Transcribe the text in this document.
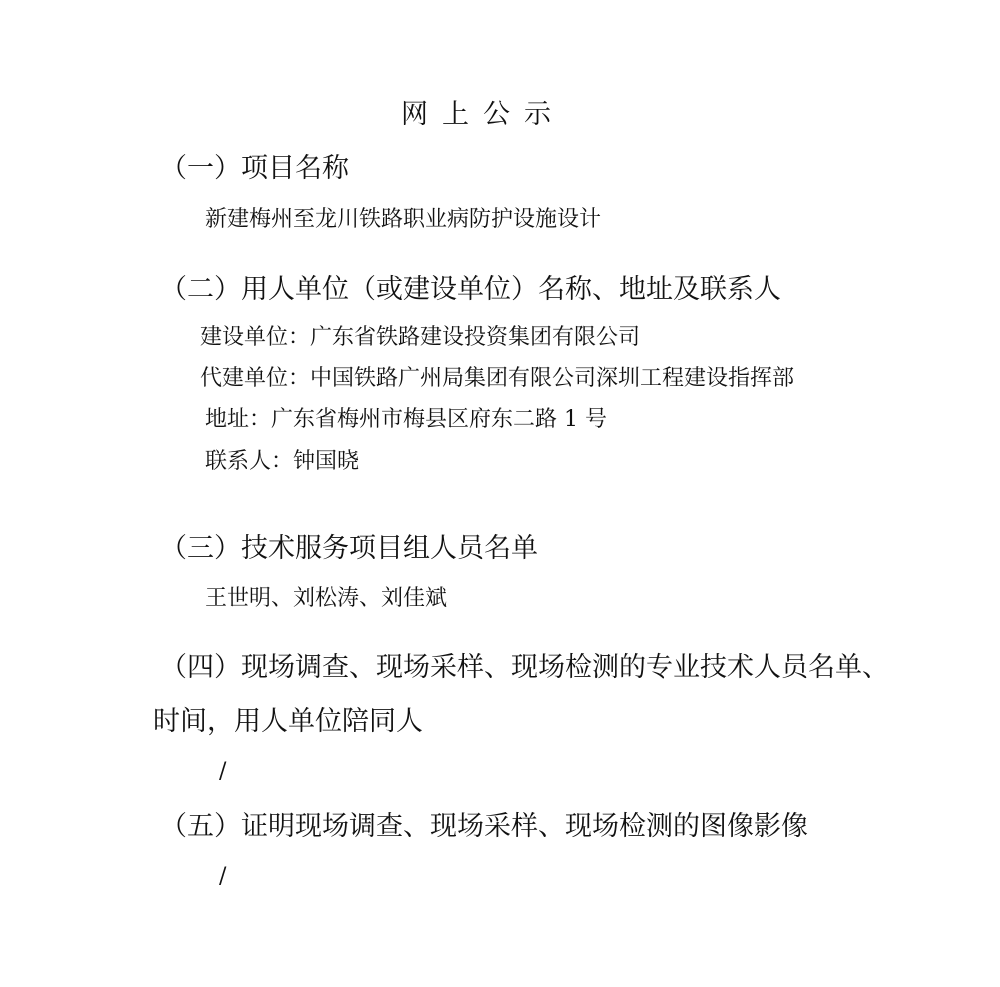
网上公示
（一）项目名称
新建梅州至龙川铁路职业病防护设施设计
（二）用人单位（或建设单位）名称、地址及联系人
建设单位：广东省铁路建设投资集团有限公司
代建单位：中国铁路广州局集团有限公司深圳工程建设指挥部
地址：广东省梅州市梅县区府东二路 1 号
联系人：钟国晓
（三）技术服务项目组人员名单
王世明、刘松涛、刘佳斌
（四）现场调查、现场采样、现场检测的专业技术人员名单、
时间，用人单位陪同人
/
（五）证明现场调查、现场采样、现场检测的图像影像
/
